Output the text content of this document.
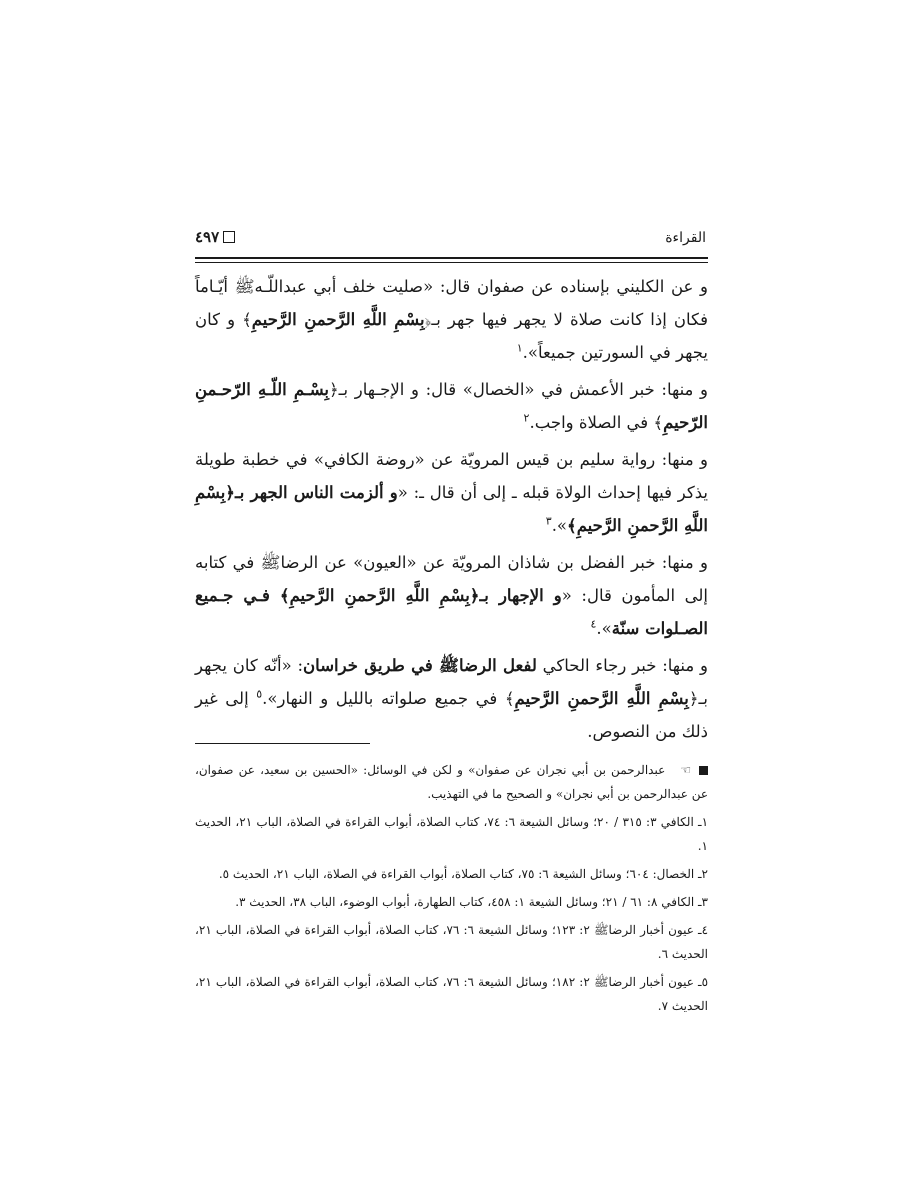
القراءة
٤٩٧

و عن الكليني بإسناده عن صفوان قال: «صليت خلف أبي عبداللّـهﷺ أيّـاماً فكان إذا كانت صلاة لا يجهر فيها جهر بـ﴿بِسْمِ اللَّهِ الرَّحمنِ الرَّحيمِ﴾ و كان يجهر في السورتين جميعاً».$^١$

و منها: خبر الأعمش في «الخصال» قال: و الإجـهار بـ﴿بِسْـمِ اللّـهِ الرّحـمنِ الرّحيمِ﴾ في الصلاة واجب.$^٢$

و منها: رواية سليم بن قيس المرويّة عن «روضة الكافي» في خطبة طويلة يذكر فيها إحداث الولاة قبله ـ إلى أن قال ـ: «و ألزمت الناس الجهر بـ﴿بِسْمِ اللَّهِ الرَّحمنِ الرَّحيمِ﴾».$^٣$

و منها: خبر الفضل بن شاذان المرويّة عن «العيون» عن الرضاﷺ في كتابه إلى المأمون قال: «و الإجهار بـ﴿بِسْمِ اللَّهِ الرَّحمنِ الرَّحيمِ﴾ فـي جـميع الصـلوات سنّة».$^٤$

و منها: خبر رجاء الحاكي لفعل الرضاﷺ في طريق خراسان: «أنّه كان يجهر بـ﴿بِسْمِ اللَّهِ الرَّحمنِ الرَّحيمِ﴾ في جميع صلواته بالليل و النهار».$^٥$ إلى غير ذلك من النصوص.

☜ عبدالرحمن بن أبي نجران عن صفوان» و لكن في الوسائل: «الحسين بن سعيد، عن صفوان، عن عبدالرحمن بن أبي نجران» و الصحيح ما في التهذيب.
١ـ الكافي ٣: ٣١٥ / ٢٠؛ وسائل الشيعة ٦: ٧٤، كتاب الصلاة، أبواب القراءة في الصلاة، الباب ٢١، الحديث ١.
٢ـ الخصال: ٦٠٤؛ وسائل الشيعة ٦: ٧٥، كتاب الصلاة، أبواب القراءة في الصلاة، الباب ٢١، الحديث ٥.
٣ـ الكافي ٨: ٦١ / ٢١؛ وسائل الشيعة ١: ٤٥٨، كتاب الطهارة، أبواب الوضوء، الباب ٣٨، الحديث ٣.
٤ـ عيون أخبار الرضاﷺ ٢: ١٢٣؛ وسائل الشيعة ٦: ٧٦، كتاب الصلاة، أبواب القراءة في الصلاة، الباب ٢١، الحديث ٦.
٥ـ عيون أخبار الرضاﷺ ٢: ١٨٢؛ وسائل الشيعة ٦: ٧٦، كتاب الصلاة، أبواب القراءة في الصلاة، الباب ٢١، الحديث ٧.
